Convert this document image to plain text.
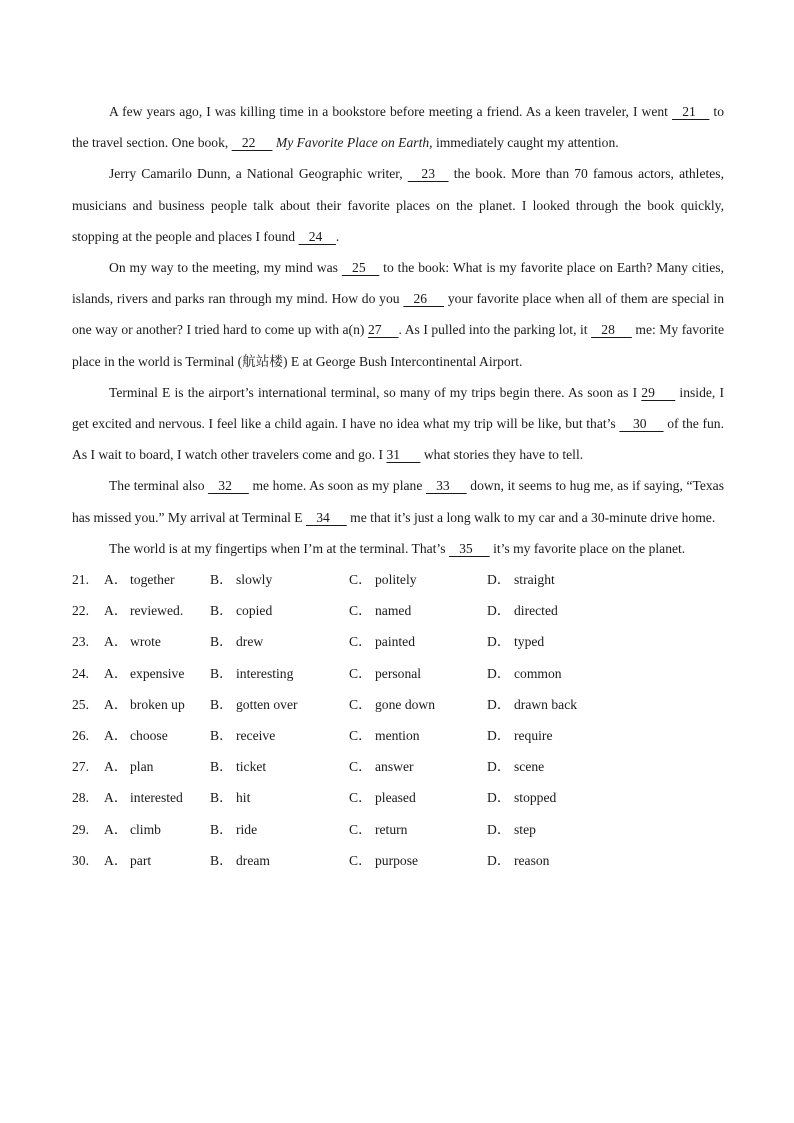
A few years ago, I was killing time in a bookstore before meeting a friend. As a keen traveler, I went    21     to the travel section. One book,    22      My Favorite Place on Earth, immediately caught my attention.

Jerry Camarilo Dunn, a National Geographic writer,     23     the book. More than 70 famous actors, athletes, musicians and business people talk about their favorite places on the planet. I looked through the book quickly, stopping at the people and places I found    24    .

On my way to the meeting, my mind was    25     to the book: What is my favorite place on Earth? Many cities, islands, rivers and parks ran through my mind. How do you    26      your favorite place when all of them are special in one way or another? I tried hard to come up with a(n) 27     . As I pulled into the parking lot, it    28      me: My favorite place in the world is Terminal (航站楼) E at George Bush Intercontinental Airport.

Terminal E is the airport’s international terminal, so many of my trips begin there. As soon as I 29       inside, I get excited and nervous. I feel like a child again. I have no idea what my trip will be like, but that’s     30      of the fun. As I wait to board, I watch other travelers come and go. I 31       what stories they have to tell.

The terminal also    32      me home. As soon as my plane    33      down, it seems to hug me, as if saying, “Texas has missed you.” My arrival at Terminal E    34      me that it’s just a long walk to my car and a 30-minute drive home.

The world is at my fingertips when I’m at the terminal. That’s    35      it’s my favorite place on the planet.

21. A． together	B． slowly	C． politely	D． straight
22. A． reviewed. B． copied	C． named	D． directed
23. A． wrote	B． drew	C． painted	D． typed
24. A． expensive B． interesting	C． personal	D． common
25. A． broken up B． gotten over	C． gone down	D． drawn back
26. A． choose	B． receive	C． mention	D． require
27. A． plan	B． ticket	C． answer	D． scene
28. A． interested B． hit	C． pleased	D． stopped
29. A． climb	B． ride	C． return	D． step
30. A． part	B． dream	C． purpose	D． reason
